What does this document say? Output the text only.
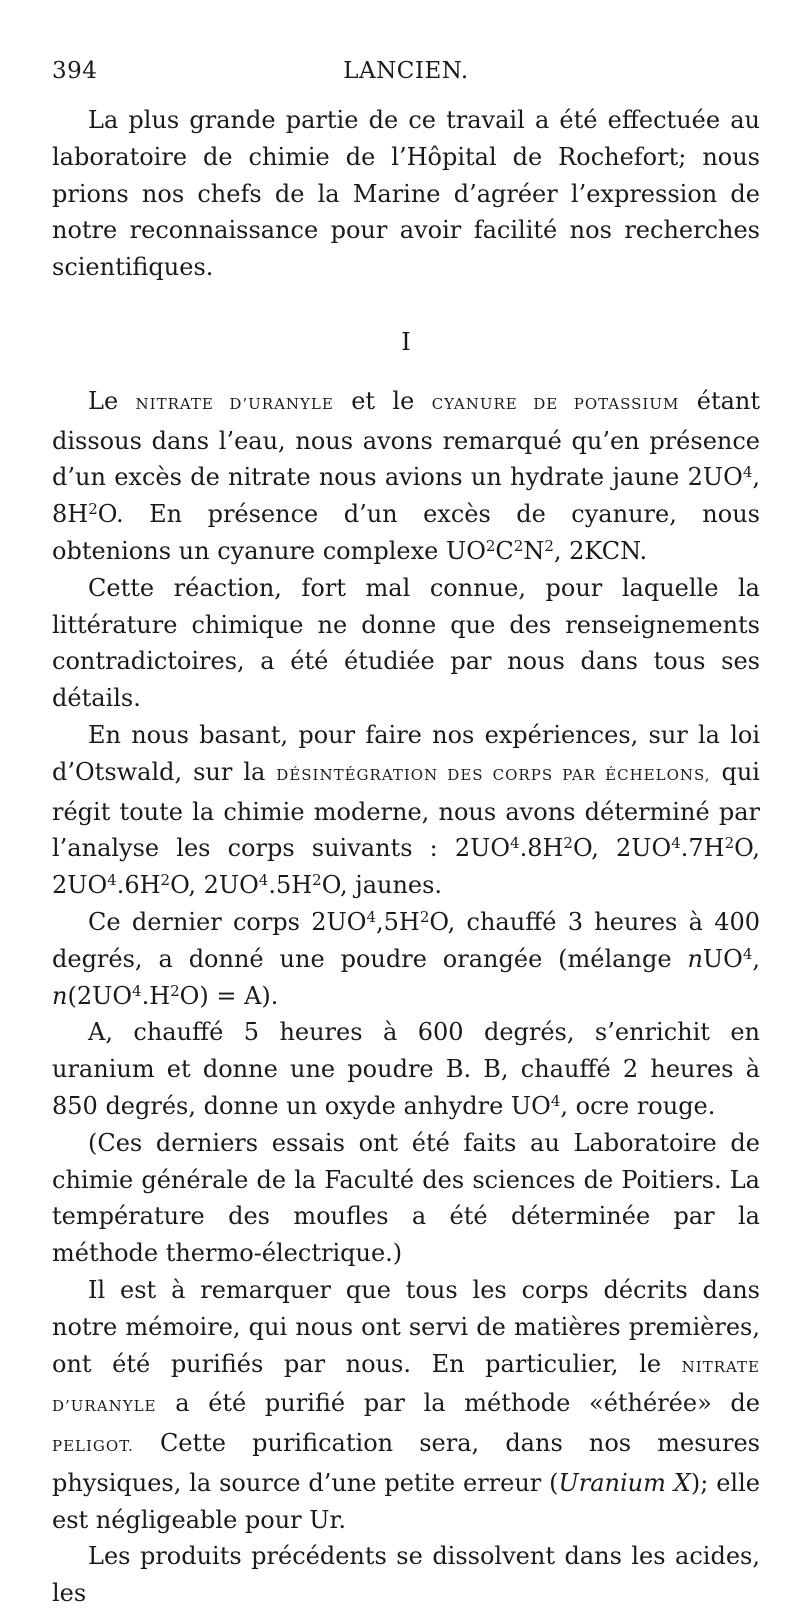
394	LANCIEN.

La plus grande partie de ce travail a été effectuée au laboratoire de chimie de l’Hôpital de Rochefort; nous prions nos chefs de la Marine d’agréer l’expression de notre reconnaissance pour avoir facilité nos recherches scientifiques.

I

Le NITRATE D’URANYLE et le CYANURE DE POTASSIUM étant dissous dans l’eau, nous avons remarqué qu’en présence d’un excès de nitrate nous avions un hydrate jaune $2UO^4$, $8H^2O$. En présence d’un excès de cyanure, nous obtenions un cyanure complexe $UO^2C^2N^2$, 2KCN.

Cette réaction, fort mal connue, pour laquelle la littérature chimique ne donne que des renseignements contradictoires, a été étudiée par nous dans tous ses détails.

En nous basant, pour faire nos expériences, sur la loi d’Otswald, sur la DÉSINTÉGRATION DES CORPS PAR ÉCHELONS, qui régit toute la chimie moderne, nous avons déterminé par l’analyse les corps suivants : $2UO^4.8H^2O$, $2UO^4.7H^2O$, $2UO^4.6H^2O$, $2UO^4.5H^2O$, jaunes.

Ce dernier corps $2UO^4,5H^2O$, chauffé 3 heures à 400 degrés, a donné une poudre orangée (mélange nUO$^4$, $n(2UO^4.H^2O) = A$).

A, chauffé 5 heures à 600 degrés, s’enrichit en uranium et donne une poudre B. B, chauffé 2 heures à 850 degrés, donne un oxyde anhydre $UO^4$, ocre rouge.

(Ces derniers essais ont été faits au Laboratoire de chimie générale de la Faculté des sciences de Poitiers. La température des moufles a été déterminée par la méthode thermo-électrique.)

Il est à remarquer que tous les corps décrits dans notre mémoire, qui nous ont servi de matières premières, ont été purifiés par nous. En particulier, le NITRATE D’URANYLE a été purifié par la méthode «éthérée» de PELIGOT. Cette purification sera, dans nos mesures physiques, la source d’une petite erreur (Uranium X); elle est négligeable pour Ur.

Les produits précédents se dissolvent dans les acides, les
